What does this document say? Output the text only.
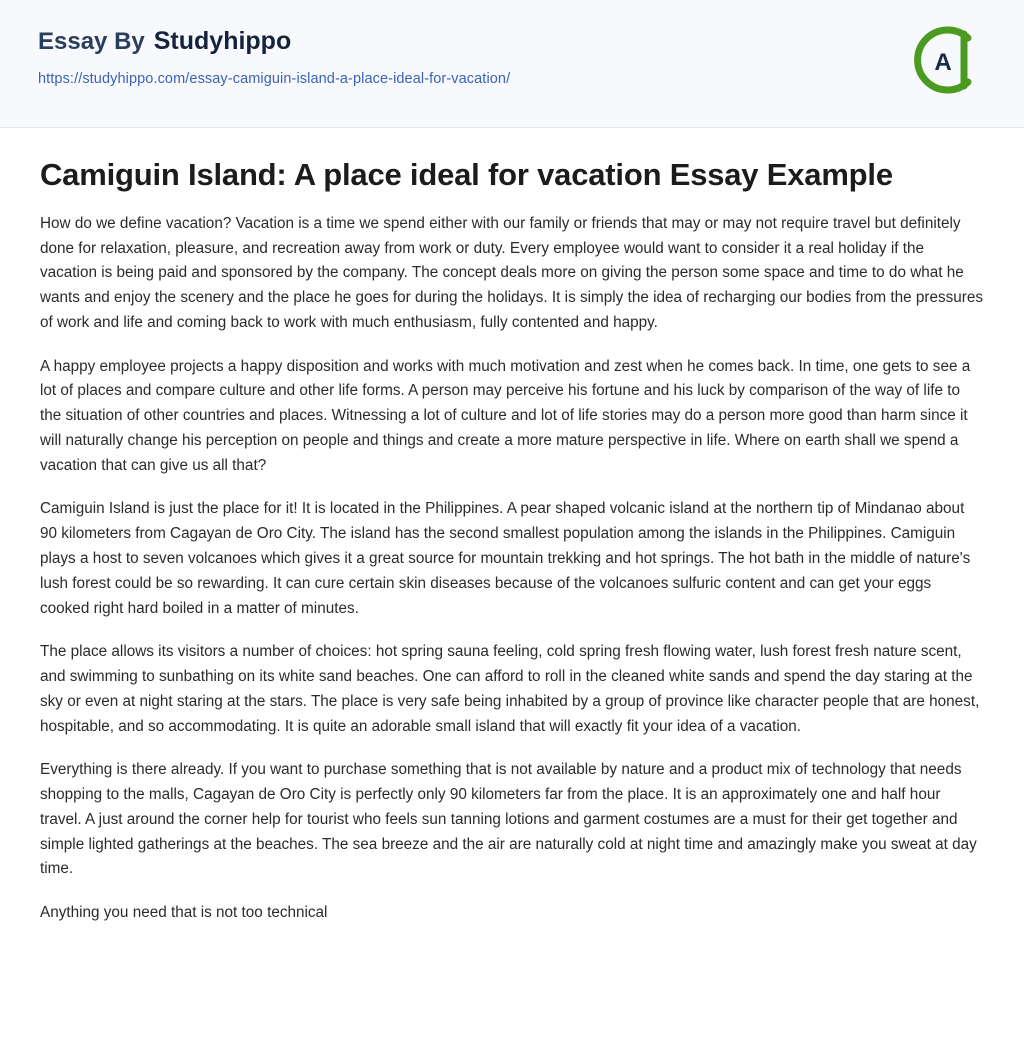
Essay By Studyhippo
https://studyhippo.com/essay-camiguin-island-a-place-ideal-for-vacation/
A
Camiguin Island: A place ideal for vacation Essay Example

How do we define vacation? Vacation is a time we spend either with our family or friends that may or may not require travel but definitely done for relaxation, pleasure, and recreation away from work or duty. Every employee would want to consider it a real holiday if the vacation is being paid and sponsored by the company. The concept deals more on giving the person some space and time to do what he wants and enjoy the scenery and the place he goes for during the holidays. It is simply the idea of recharging our bodies from the pressures of work and life and coming back to work with much enthusiasm, fully contented and happy.

A happy employee projects a happy disposition and works with much motivation and zest when he comes back. In time, one gets to see a lot of places and compare culture and other life forms. A person may perceive his fortune and his luck by comparison of the way of life to the situation of other countries and places. Witnessing a lot of culture and lot of life stories may do a person more good than harm since it will naturally change his perception on people and things and create a more mature perspective in life. Where on earth shall we spend a vacation that can give us all that?

Camiguin Island is just the place for it! It is located in the Philippines. A pear shaped volcanic island at the northern tip of Mindanao about 90 kilometers from Cagayan de Oro City. The island has the second smallest population among the islands in the Philippines. Camiguin plays a host to seven volcanoes which gives it a great source for mountain trekking and hot springs. The hot bath in the middle of nature's lush forest could be so rewarding. It can cure certain skin diseases because of the volcanoes sulfuric content and can get your eggs cooked right hard boiled in a matter of minutes.

The place allows its visitors a number of choices: hot spring sauna feeling, cold spring fresh flowing water, lush forest fresh nature scent, and swimming to sunbathing on its white sand beaches. One can afford to roll in the cleaned white sands and spend the day staring at the sky or even at night staring at the stars. The place is very safe being inhabited by a group of province like character people that are honest, hospitable, and so accommodating. It is quite an adorable small island that will exactly fit your idea of a vacation.

Everything is there already. If you want to purchase something that is not available by nature and a product mix of technology that needs shopping to the malls, Cagayan de Oro City is perfectly only 90 kilometers far from the place. It is an approximately one and half hour travel. A just around the corner help for tourist who feels sun tanning lotions and garment costumes are a must for their get together and simple lighted gatherings at the beaches. The sea breeze and the air are naturally cold at night time and amazingly make you sweat at day time.

Anything you need that is not too technical
